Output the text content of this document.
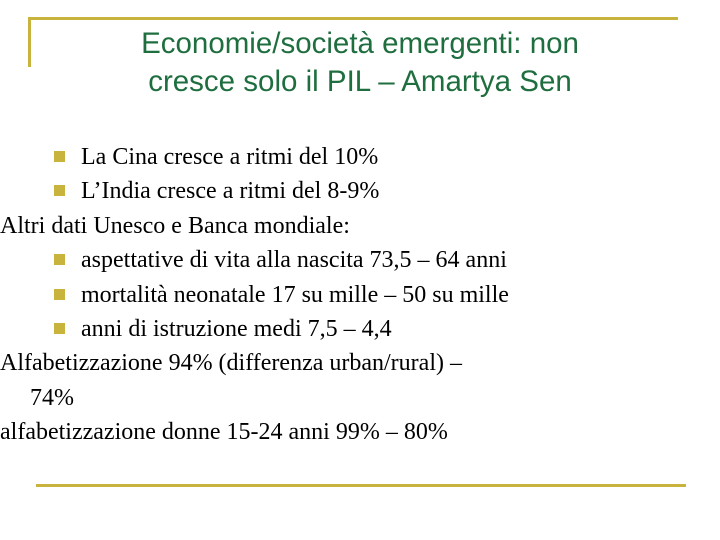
Economie/società emergenti: non
cresce solo il PIL – Amartya Sen
La Cina cresce a ritmi del 10%
L’India cresce a ritmi del 8-9%
Altri dati Unesco e Banca mondiale:
aspettative di vita alla nascita 73,5 – 64 anni
mortalità neonatale 17 su mille – 50 su mille
anni di istruzione medi 7,5 – 4,4
Alfabetizzazione 94% (differenza urban/rural) –
74%
alfabetizzazione donne 15-24 anni 99% – 80%
